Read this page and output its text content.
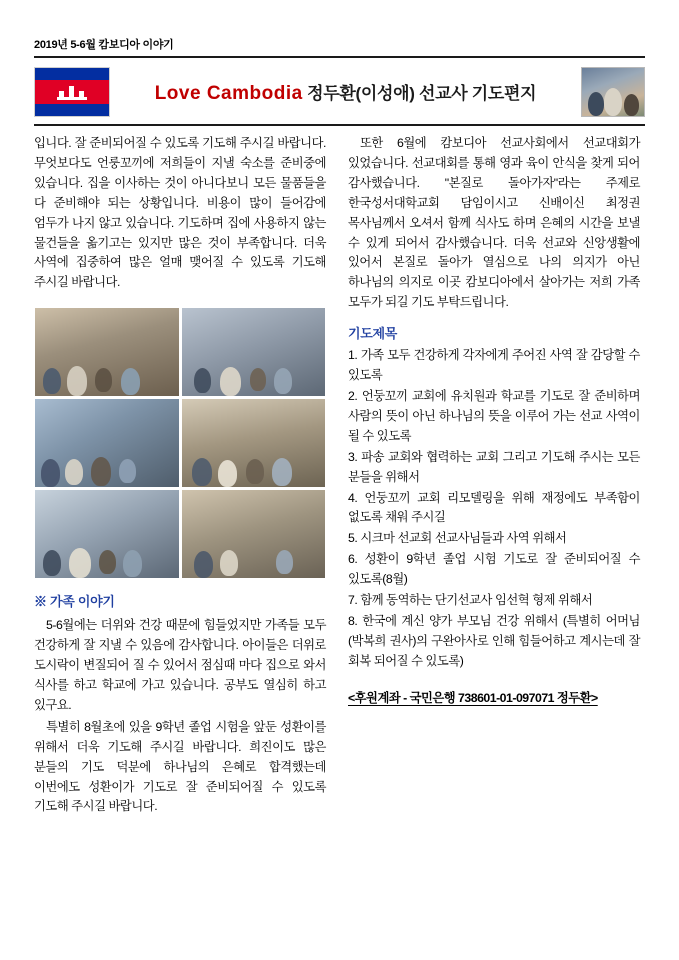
2019년 5-6월 캄보디아 이야기
Love Cambodia 정두환(이성애) 선교사 기도편지

입니다. 잘 준비되어질 수 있도록 기도해 주시길 바랍니다. 무엇보다도 언룽꼬끼에 저희들이 지낼 숙소를 준비중에 있습니다. 집을 이사하는 것이 아니다보니 모든 물품들을 다 준비해야 되는 상황입니다. 비용이 많이 들어감에 엄두가 나지 않고 있습니다. 기도하며 집에 사용하지 않는 물건들을 옮기고는 있지만 많은 것이 부족합니다. 더욱 사역에 집중하여 많은 얼매 맺어질 수 있도록 기도해 주시길 바랍니다.

※ 가족 이야기

5-6월에는 더위와 건강 때문에 힘들었지만 가족들 모두 건강하게 잘 지낼 수 있음에 감사합니다. 아이들은 더위로 도시락이 변질되어 질 수 있어서 점심때 마다 집으로 와서 식사를 하고 학교에 가고 있습니다. 공부도 열심히 하고 있구요.

특별히 8월초에 있을 9학년 졸업 시험을 앞둔 성환이를 위해서 더욱 기도해 주시길 바랍니다. 희진이도 많은 분들의 기도 덕분에 하나님의 은혜로 합격했는데 이번에도 성환이가 기도로 잘 준비되어질 수 있도록 기도해 주시길 바랍니다.

또한 6월에 캄보디아 선교사회에서 선교대회가 있었습니다. 선교대회를 통해 영과 육이 안식을 찾게 되어 감사했습니다. "본질로 돌아가자"라는 주제로 한국성서대학교회 담임이시고 신배이신 최정권 목사님께서 오셔서 함께 식사도 하며 은혜의 시간을 보낼 수 있게 되어서 감사했습니다. 더욱 선교와 신앙생활에 있어서 본질로 돌아가 열심으로 나의 의지가 아닌 하나님의 의지로 이곳 캄보디아에서 살아가는 저희 가족 모두가 되길 기도 부탁드립니다.

기도제목
1. 가족 모두 건강하게 각자에게 주어진 사역 잘 감당할 수 있도록
2. 언둥꼬끼 교회에 유치원과 학교를 기도로 잘 준비하며 사람의 뜻이 아닌 하나님의 뜻을 이루어 가는 선교 사역이 될 수 있도록
3. 파송 교회와 협력하는 교회 그리고 기도해 주시는 모든 분들을 위해서
4. 언둥꼬끼 교회 리모델링을 위해 재정에도 부족함이 없도록 채워 주시길
5. 시크마 선교회 선교사님들과 사역 위해서
6. 성환이 9학년 졸업 시험 기도로 잘 준비되어질 수 있도록(8월)
7. 함께 동역하는 단기선교사 임선혁 형제 위해서
8. 한국에 계신 양가 부모님 건강 위해서 (특별히 어머님(박복희 권사)의 구완아사로 인해 힘들어하고 계시는데 잘 회복 되어질 수 있도록)
<후원계좌 - 국민은행 738601-01-097071 정두환>
